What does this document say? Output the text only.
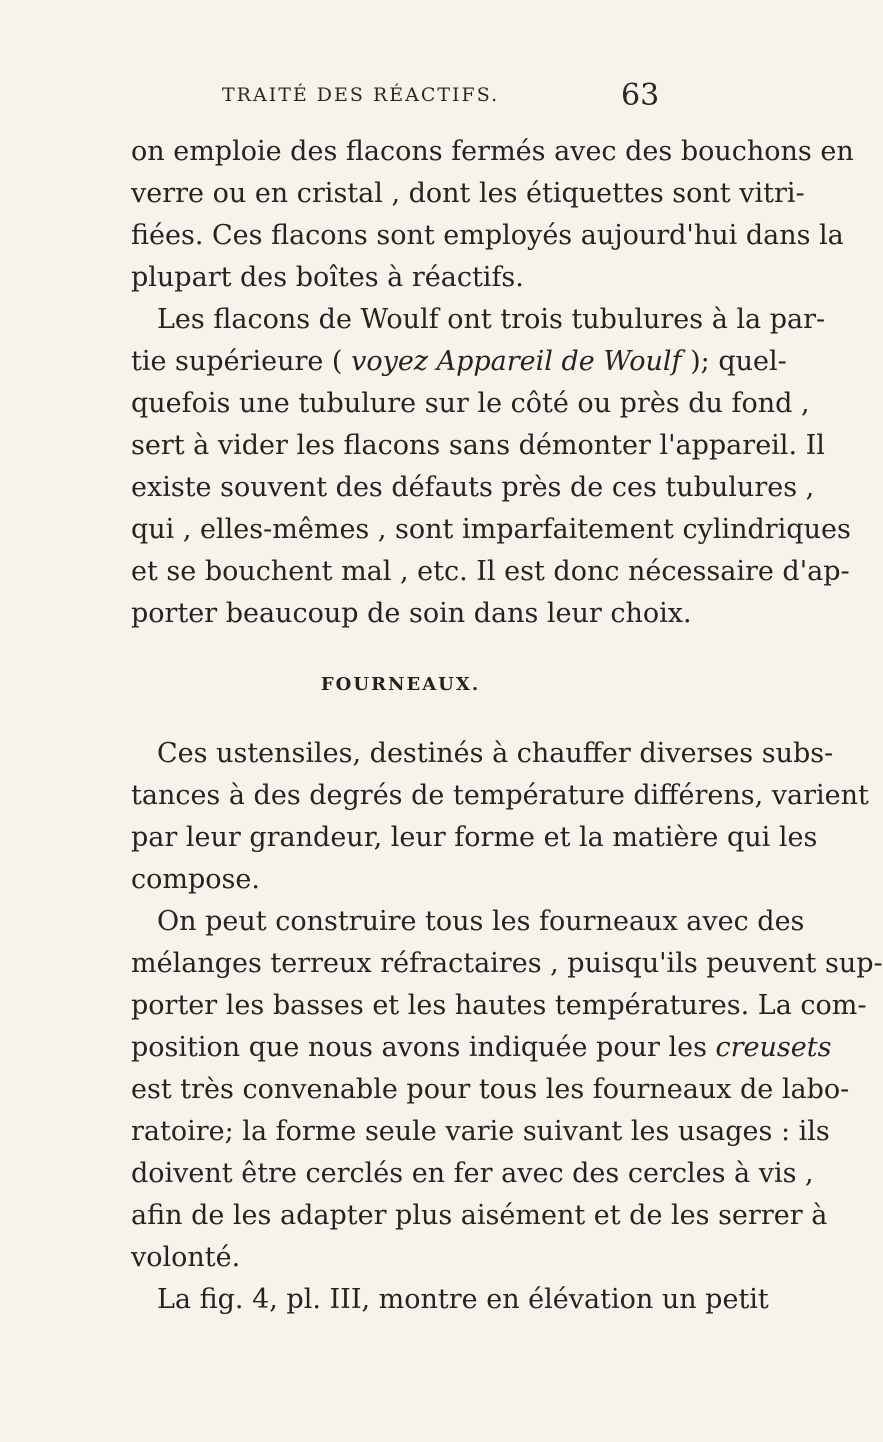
TRAITÉ DES RÉACTIFS.	63
on emploie des flacons fermés avec des bouchons en
verre ou en cristal , dont les étiquettes sont vitri-
fiées. Ces flacons sont employés aujourd'hui dans la
plupart des boîtes à réactifs.
Les flacons de Woulf ont trois tubulures à la par-
tie supérieure ( voyez Appareil de Woulf ); quel-
quefois une tubulure sur le côté ou près du fond ,
sert à vider les flacons sans démonter l'appareil. Il
existe souvent des défauts près de ces tubulures ,
qui , elles-mêmes , sont imparfaitement cylindriques
et se bouchent mal , etc. Il est donc nécessaire d'ap-
porter beaucoup de soin dans leur choix.
FOURNEAUX.
Ces ustensiles, destinés à chauffer diverses subs-
tances à des degrés de température différens, varient
par leur grandeur, leur forme et la matière qui les
compose.
On peut construire tous les fourneaux avec des
mélanges terreux réfractaires , puisqu'ils peuvent sup-
porter les basses et les hautes températures. La com-
position que nous avons indiquée pour les creusets
est très convenable pour tous les fourneaux de labo-
ratoire; la forme seule varie suivant les usages : ils
doivent être cerclés en fer avec des cercles à vis ,
afin de les adapter plus aisément et de les serrer à
volonté.
La fig. 4, pl. III, montre en élévation un petit
